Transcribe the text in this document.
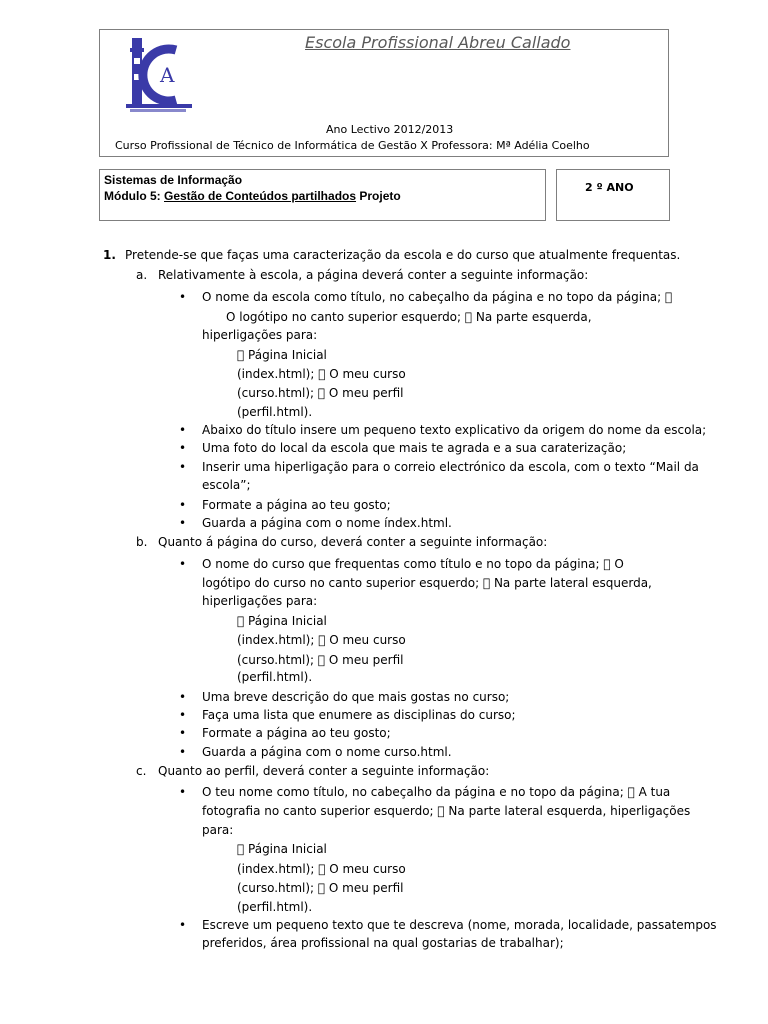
A
Escola Profissional Abreu Callado
Ano Lectivo 2012/2013
Curso Profissional de Técnico de Informática de Gestão X Professora: Mª Adélia Coelho
Sistemas de Informação
Módulo 5: Gestão de Conteúdos partilhados Projeto
2 º ANO
1. Pretende-se que faças uma caracterização da escola e do curso que atualmente frequentas.
a. Relativamente à escola, a página deverá conter a seguinte informação:
• O nome da escola como título, no cabeçalho da página e no topo da página;
O logótipo no canto superior esquerdo; Na parte esquerda,
hiperligações para:
Página Inicial
(index.html); O meu curso
(curso.html); O meu perfil
(perfil.html).
• Abaixo do título insere um pequeno texto explicativo da origem do nome da escola;
• Uma foto do local da escola que mais te agrada e a sua caraterização;
• Inserir uma hiperligação para o correio electrónico da escola, com o texto “Mail da
escola”;
• Formate a página ao teu gosto;
• Guarda a página com o nome índex.html.
b. Quanto á página do curso, deverá conter a seguinte informação:
• O nome do curso que frequentas como título e no topo da página; O
logótipo do curso no canto superior esquerdo; Na parte lateral esquerda,
hiperligações para:
Página Inicial
(index.html); O meu curso
(curso.html); O meu perfil
(perfil.html).
• Uma breve descrição do que mais gostas no curso;
• Faça uma lista que enumere as disciplinas do curso;
• Formate a página ao teu gosto;
• Guarda a página com o nome curso.html.
c. Quanto ao perfil, deverá conter a seguinte informação:
• O teu nome como título, no cabeçalho da página e no topo da página; A tua
fotografia no canto superior esquerdo; Na parte lateral esquerda, hiperligações
para:
Página Inicial
(index.html); O meu curso
(curso.html); O meu perfil
(perfil.html).
• Escreve um pequeno texto que te descreva (nome, morada, localidade, passatempos
preferidos, área profissional na qual gostarias de trabalhar);
